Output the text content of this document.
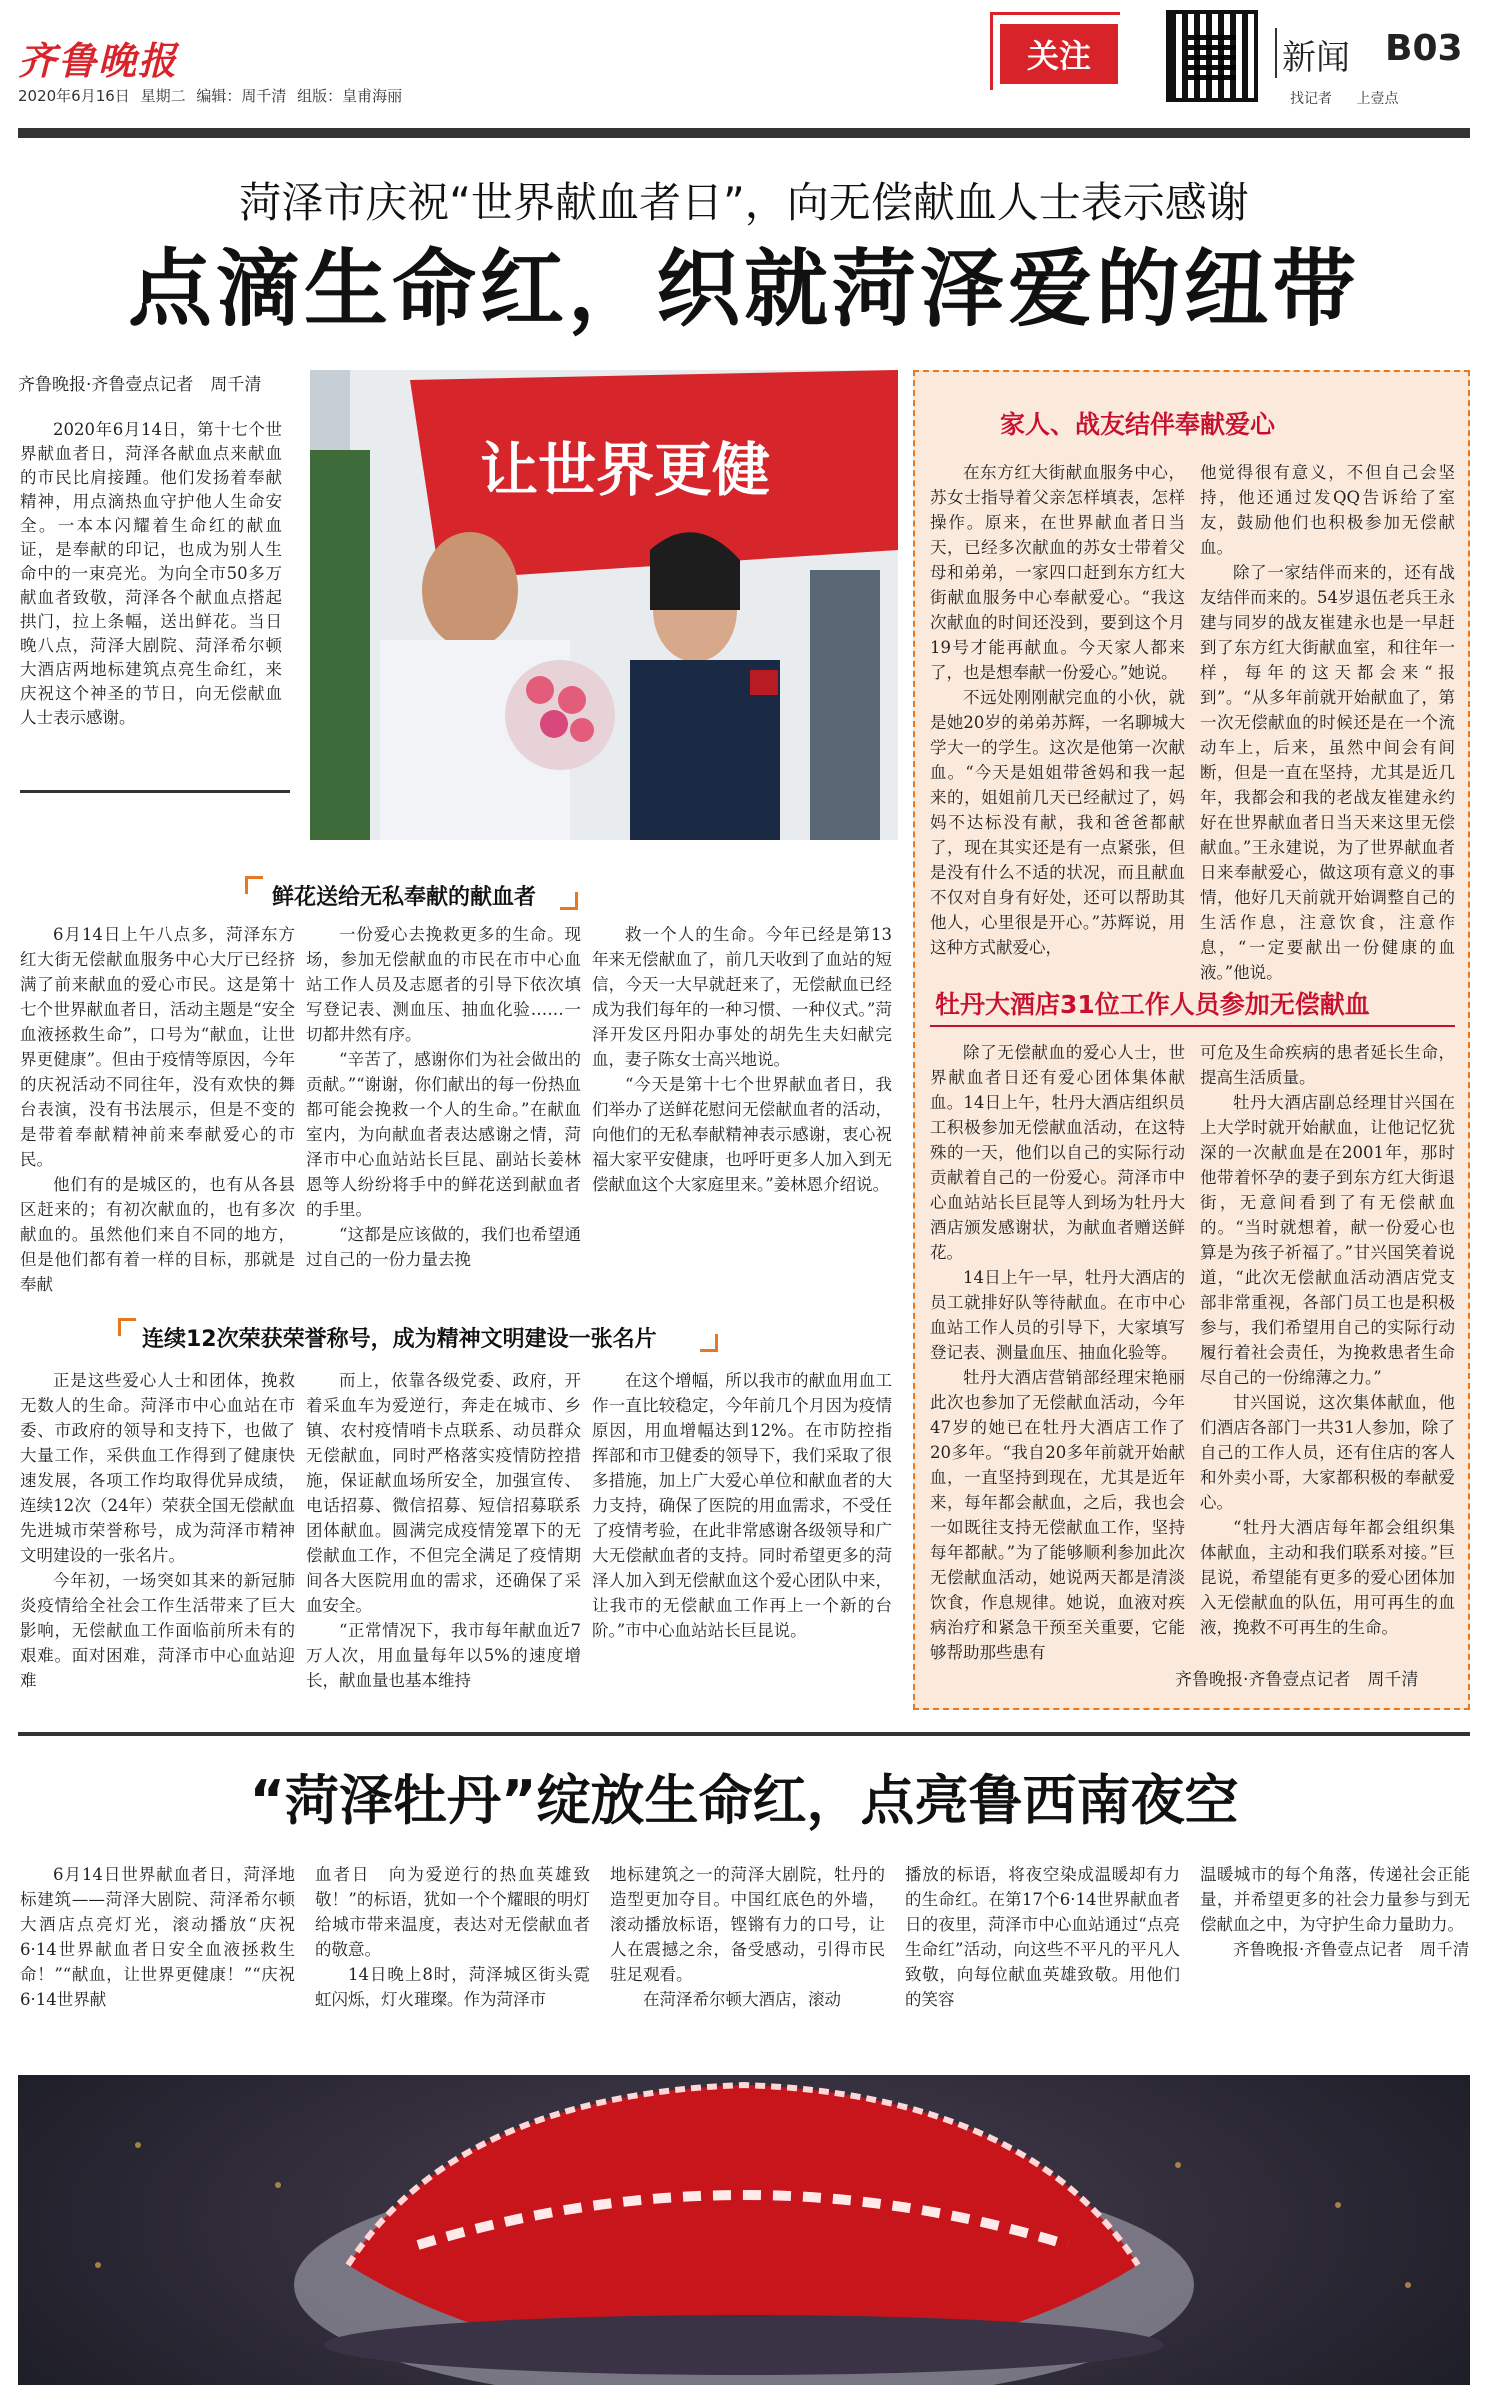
齐鲁晚报
2020年6月16日 星期二 编辑：周千清 组版：皇甫海丽
关注	新闻 B03
找记者 上壹点
菏泽市庆祝“世界献血者日”，向无偿献血人士表示感谢
点滴生命红，织就菏泽爱的纽带
齐鲁晚报·齐鲁壹点记者　周千清
2020年6月14日，第十七个世界献血者日，菏泽各献血点来献血的市民比肩接踵。他们发扬着奉献精神，用点滴热血守护他人生命安全。一本本闪耀着生命红的献血证，是奉献的印记，也成为别人生命中的一束亮光。为向全市50多万献血者致敬，菏泽各个献血点搭起拱门，拉上条幅，送出鲜花。当日晚八点，菏泽大剧院、菏泽希尔顿大酒店两地标建筑点亮生命红，来庆祝这个神圣的节日，向无偿献血人士表示感谢。
让世界更健
鲜花送给无私奉献的献血者

6月14日上午八点多，菏泽东方红大街无偿献血服务中心大厅已经挤满了前来献血的爱心市民。这是第十七个世界献血者日，活动主题是“安全血液拯救生命”，口号为“献血，让世界更健康”。但由于疫情等原因，今年的庆祝活动不同往年，没有欢快的舞台表演，没有书法展示，但是不变的是带着奉献精神前来奉献爱心的市民。

他们有的是城区的，也有从各县区赶来的；有初次献血的，也有多次献血的。虽然他们来自不同的地方，但是他们都有着一样的目标，那就是奉献

一份爱心去挽救更多的生命。现场，参加无偿献血的市民在市中心血站工作人员及志愿者的引导下依次填写登记表、测血压、抽血化验……一切都井然有序。

“辛苦了，感谢你们为社会做出的贡献。”“谢谢，你们献出的每一份热血都可能会挽救一个人的生命。”在献血室内，为向献血者表达感谢之情，菏泽市中心血站站长巨昆、副站长姜林恩等人纷纷将手中的鲜花送到献血者的手里。

“这都是应该做的，我们也希望通过自己的一份力量去挽

救一个人的生命。今年已经是第13年来无偿献血了，前几天收到了血站的短信，今天一大早就赶来了，无偿献血已经成为我们每年的一种习惯、一种仪式。”菏泽开发区丹阳办事处的胡先生夫妇献完血，妻子陈女士高兴地说。

“今天是第十七个世界献血者日，我们举办了送鲜花慰问无偿献血者的活动，向他们的无私奉献精神表示感谢，衷心祝福大家平安健康，也呼吁更多人加入到无偿献血这个大家庭里来。”姜林恩介绍说。

连续12次荣获荣誉称号，成为精神文明建设一张名片

正是这些爱心人士和团体，挽救无数人的生命。菏泽市中心血站在市委、市政府的领导和支持下，也做了大量工作，采供血工作得到了健康快速发展，各项工作均取得优异成绩，连续12次（24年）荣获全国无偿献血先进城市荣誉称号，成为菏泽市精神文明建设的一张名片。

今年初，一场突如其来的新冠肺炎疫情给全社会工作生活带来了巨大影响，无偿献血工作面临前所未有的艰难。面对困难，菏泽市中心血站迎难

而上，依靠各级党委、政府，开着采血车为爱逆行，奔走在城市、乡镇、农村疫情哨卡点联系、动员群众无偿献血，同时严格落实疫情防控措施，保证献血场所安全，加强宣传、电话招募、微信招募、短信招募联系团体献血。圆满完成疫情笼罩下的无偿献血工作，不但完全满足了疫情期间各大医院用血的需求，还确保了采血安全。

“正常情况下，我市每年献血近7万人次，用血量每年以5%的速度增长，献血量也基本维持

在这个增幅，所以我市的献血用血工作一直比较稳定，今年前几个月因为疫情原因，用血增幅达到12%。在市防控指挥部和市卫健委的领导下，我们采取了很多措施，加上广大爱心单位和献血者的大力支持，确保了医院的用血需求，不受任了疫情考验，在此非常感谢各级领导和广大无偿献血者的支持。同时希望更多的菏泽人加入到无偿献血这个爱心团队中来，让我市的无偿献血工作再上一个新的台阶。”市中心血站站长巨昆说。

家人、战友结伴奉献爱心

在东方红大街献血服务中心，苏女士指导着父亲怎样填表，怎样操作。原来，在世界献血者日当天，已经多次献血的苏女士带着父母和弟弟，一家四口赶到东方红大街献血服务中心奉献爱心。“我这次献血的时间还没到，要到这个月19号才能再献血。今天家人都来了，也是想奉献一份爱心。”她说。

不远处刚刚献完血的小伙，就是她20岁的弟弟苏辉，一名聊城大学大一的学生。这次是他第一次献血。“今天是姐姐带爸妈和我一起来的，姐姐前几天已经献过了，妈妈不达标没有献，我和爸爸都献了，现在其实还是有一点紧张，但是没有什么不适的状况，而且献血不仅对自身有好处，还可以帮助其他人，心里很是开心。”苏辉说，用这种方式献爱心，

他觉得很有意义，不但自己会坚持，他还通过发QQ告诉给了室友，鼓励他们也积极参加无偿献血。

除了一家结伴而来的，还有战友结伴而来的。54岁退伍老兵王永建与同岁的战友崔建永也是一早赶到了东方红大街献血室，和往年一样，每年的这天都会来“报到”。“从多年前就开始献血了，第一次无偿献血的时候还是在一个流动车上，后来，虽然中间会有间断，但是一直在坚持，尤其是近几年，我都会和我的老战友崔建永约好在世界献血者日当天来这里无偿献血。”王永建说，为了世界献血者日来奉献爱心，做这项有意义的事情，他好几天前就开始调整自己的生活作息，注意饮食，注意作息，“一定要献出一份健康的血液。”他说。

牡丹大酒店31位工作人员参加无偿献血

除了无偿献血的爱心人士，世界献血者日还有爱心团体集体献血。14日上午，牡丹大酒店组织员工积极参加无偿献血活动，在这特殊的一天，他们以自己的实际行动贡献着自己的一份爱心。菏泽市中心血站站长巨昆等人到场为牡丹大酒店颁发感谢状，为献血者赠送鲜花。

14日上午一早，牡丹大酒店的员工就排好队等待献血。在市中心血站工作人员的引导下，大家填写登记表、测量血压、抽血化验等。

牡丹大酒店营销部经理宋艳丽此次也参加了无偿献血活动，今年47岁的她已在牡丹大酒店工作了20多年。“我自20多年前就开始献血，一直坚持到现在，尤其是近年来，每年都会献血，之后，我也会一如既往支持无偿献血工作，坚持每年都献。”为了能够顺利参加此次无偿献血活动，她说两天都是清淡饮食，作息规律。她说，血液对疾病治疗和紧急干预至关重要，它能够帮助那些患有

可危及生命疾病的患者延长生命，提高生活质量。

牡丹大酒店副总经理甘兴国在上大学时就开始献血，让他记忆犹深的一次献血是在2001年，那时他带着怀孕的妻子到东方红大街退街，无意间看到了有无偿献血的。“当时就想着，献一份爱心也算是为孩子祈福了。”甘兴国笑着说道，“此次无偿献血活动酒店党支部非常重视，各部门员工也是积极参与，我们希望用自己的实际行动履行着社会责任，为挽救患者生命尽自己的一份绵薄之力。”

甘兴国说，这次集体献血，他们酒店各部门一共31人参加，除了自己的工作人员，还有住店的客人和外卖小哥，大家都积极的奉献爱心。

“牡丹大酒店每年都会组织集体献血，主动和我们联系对接。”巨昆说，希望能有更多的爱心团体加入无偿献血的队伍，用可再生的血液，挽救不可再生的生命。

齐鲁晚报·齐鲁壹点记者　周千清
“菏泽牡丹”绽放生命红，点亮鲁西南夜空

6月14日世界献血者日，菏泽地标建筑——菏泽大剧院、菏泽希尔顿大酒店点亮灯光，滚动播放“庆祝6·14世界献血者日安全血液拯救生命！”“献血，让世界更健康！”“庆祝6·14世界献

血者日　向为爱逆行的热血英雄致敬！”的标语，犹如一个个耀眼的明灯给城市带来温度，表达对无偿献血者的敬意。

14日晚上8时，菏泽城区街头霓虹闪烁，灯火璀璨。作为菏泽市

地标建筑之一的菏泽大剧院，牡丹的造型更加夺目。中国红底色的外墙，滚动播放标语，铿锵有力的口号，让人在震撼之余，备受感动，引得市民驻足观看。

在菏泽希尔顿大酒店，滚动

播放的标语，将夜空染成温暖却有力的生命红。在第17个6·14世界献血者日的夜里，菏泽市中心血站通过“点亮生命红”活动，向这些不平凡的平凡人致敬，向每位献血英雄致敬。用他们的笑容

温暖城市的每个角落，传递社会正能量，并希望更多的社会力量参与到无偿献血之中，为守护生命力量助力。

齐鲁晚报·齐鲁壹点记者　周千清
